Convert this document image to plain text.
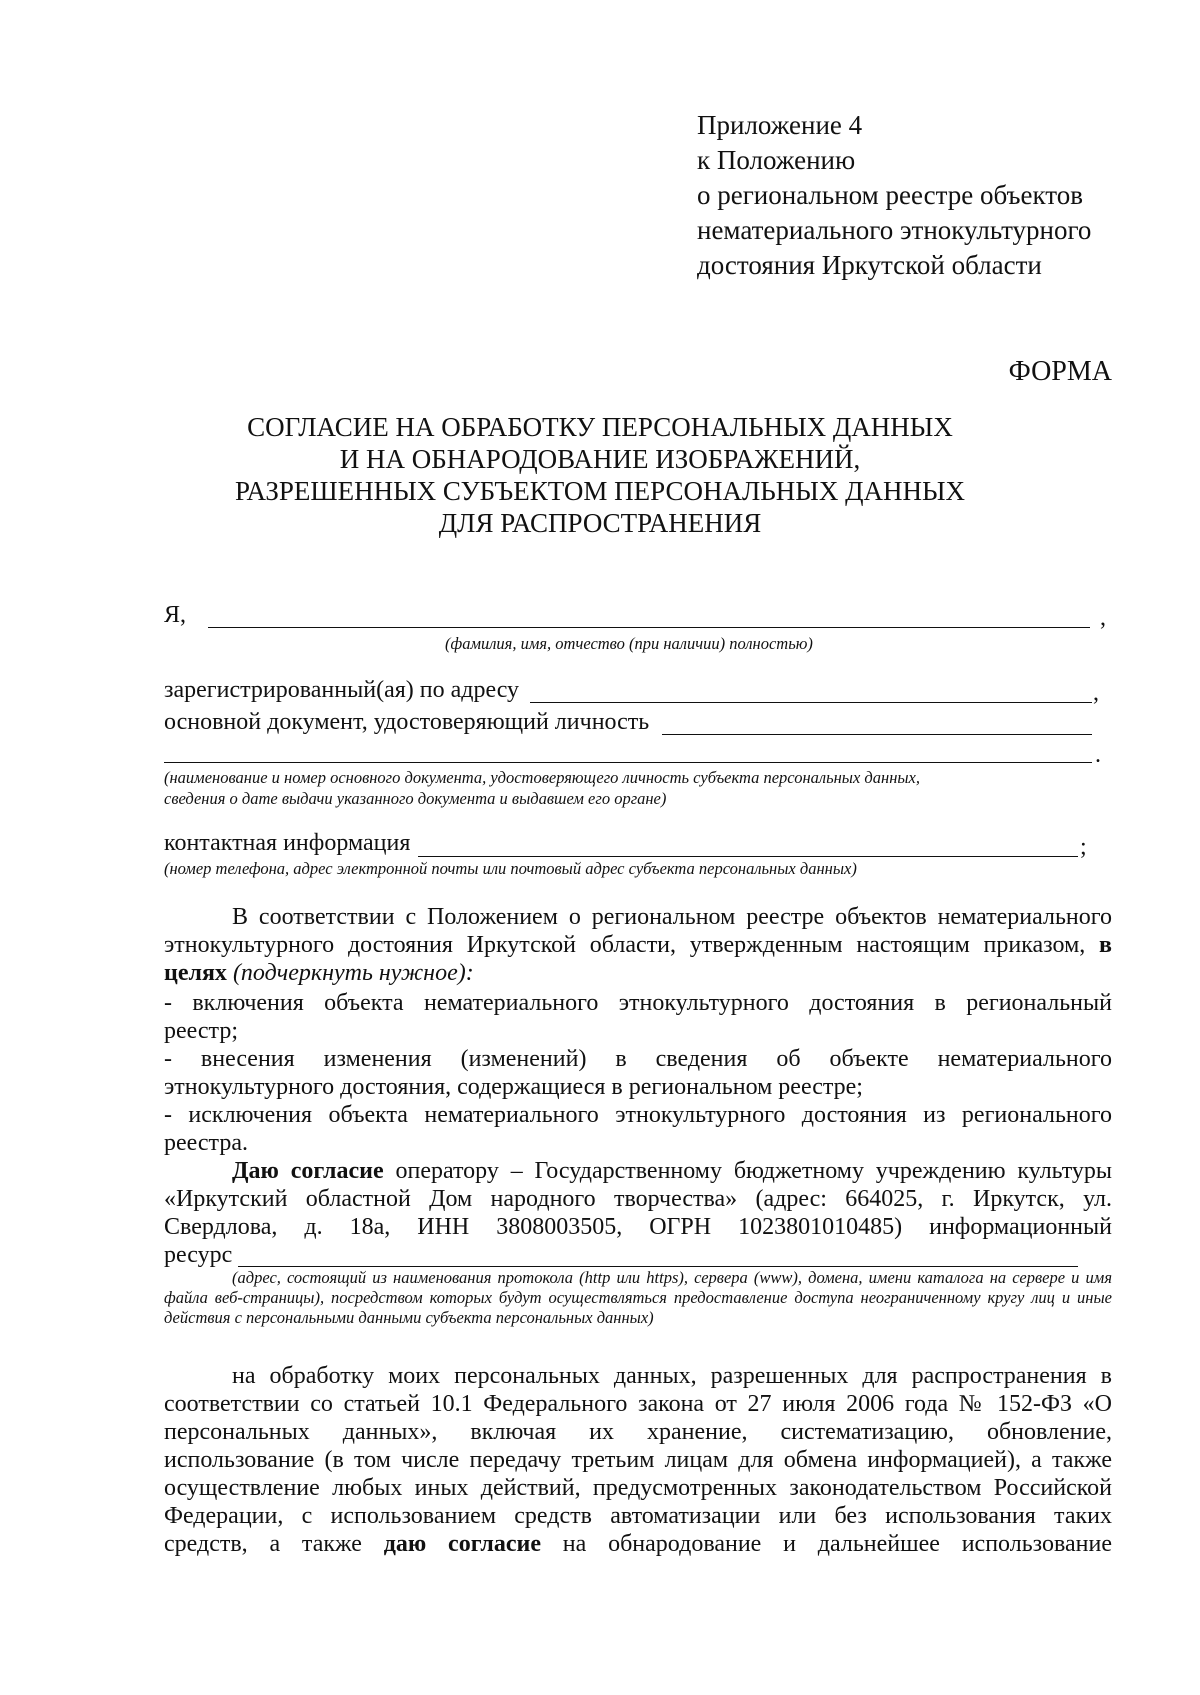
Приложение 4
к Положению
о региональном реестре объектов
нематериального этнокультурного
достояния Иркутской области
ФОРМА
СОГЛАСИЕ НА ОБРАБОТКУ ПЕРСОНАЛЬНЫХ ДАННЫХ
И НА ОБНАРОДОВАНИЕ ИЗОБРАЖЕНИЙ,
РАЗРЕШЕННЫХ СУБЪЕКТОМ ПЕРСОНАЛЬНЫХ ДАННЫХ
ДЛЯ РАСПРОСТРАНЕНИЯ
Я,	,
(фамилия, имя, отчество (при наличии) полностью)
зарегистрированный(ая) по адресу	,
основной документ, удостоверяющий личность
.
(наименование и номер основного документа, удостоверяющего личность субъекта персональных данных,
сведения о дате выдачи указанного документа и выдавшем его органе)
контактная информация	;
(номер телефона, адрес электронной почты или почтовый адрес субъекта персональных данных)
В соответствии с Положением о региональном реестре объектов нематериального
этнокультурного достояния Иркутской области, утвержденным настоящим приказом, в
целях (подчеркнуть нужное):
- включения объекта нематериального этнокультурного достояния в региональный
реестр;
- внесения изменения (изменений) в сведения об объекте нематериального
этнокультурного достояния, содержащиеся в региональном реестре;
- исключения объекта нематериального этнокультурного достояния из регионального
реестра.
Даю согласие оператору – Государственному бюджетному учреждению культуры
«Иркутский областной Дом народного творчества» (адрес: 664025, г. Иркутск, ул.
Свердлова, д. 18а, ИНН 3808003505, ОГРН 1023801010485) информационный
ресурс
(адрес, состоящий из наименования протокола (http или https), сервера (www), домена, имени каталога на сервере и имя файла веб-страницы), посредством которых будут осуществляться предоставление доступа неограниченному кругу лиц и иные действия с персональными данными субъекта персональных данных)
на обработку моих персональных данных, разрешенных для распространения в
соответствии со статьей 10.1 Федерального закона от 27 июля 2006 года № 152-ФЗ «О
персональных данных», включая их хранение, систематизацию, обновление,
использование (в том числе передачу третьим лицам для обмена информацией), а также
осуществление любых иных действий, предусмотренных законодательством Российской
Федерации, с использованием средств автоматизации или без использования таких
средств, а также даю согласие на обнародование и дальнейшее использование
